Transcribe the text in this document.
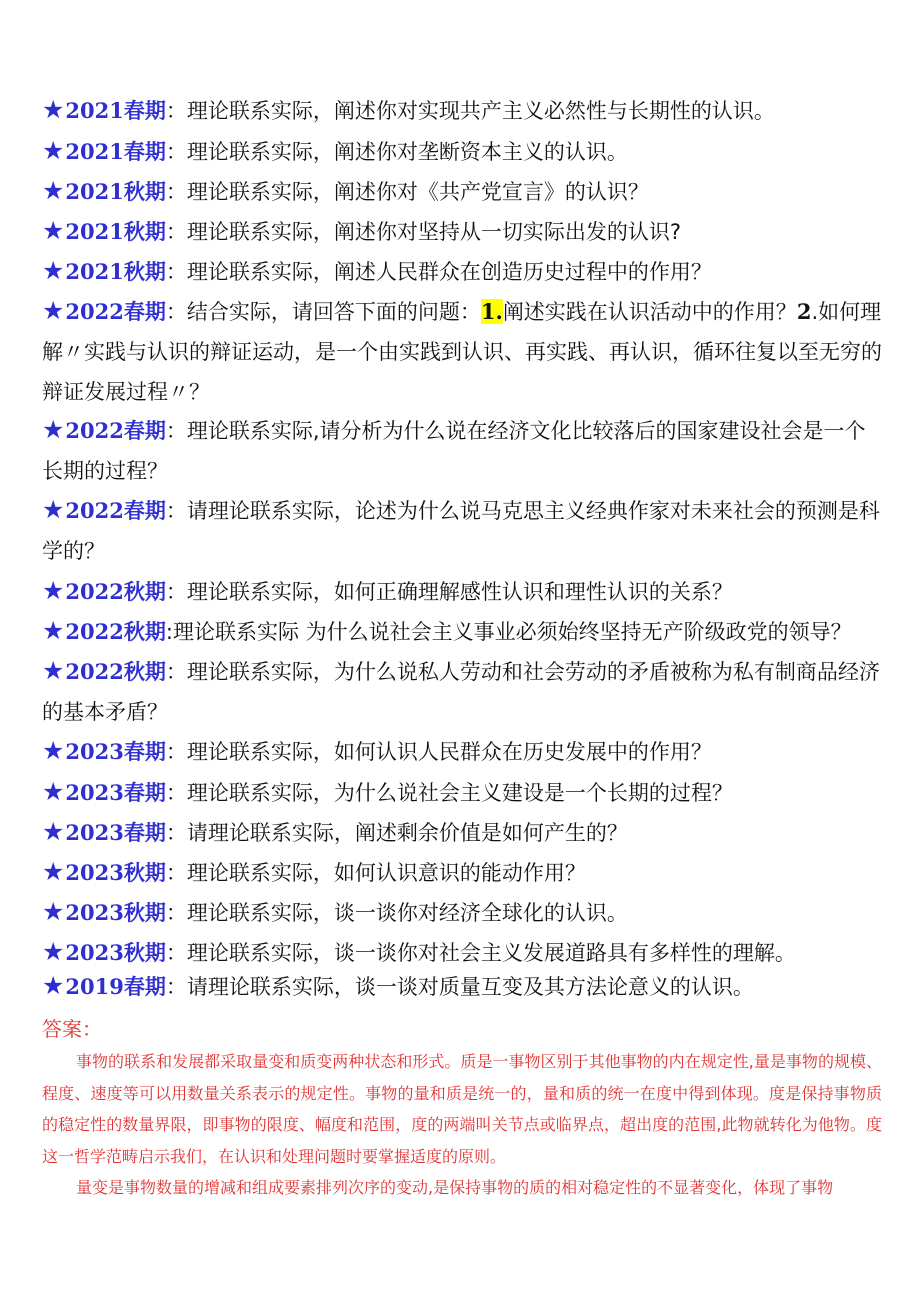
★2021春期：理论联系实际，阐述你对实现共产主义必然性与长期性的认识。
★2021春期：理论联系实际，阐述你对垄断资本主义的认识。
★2021秋期：理论联系实际，阐述你对《共产党宣言》的认识？
★2021秋期：理论联系实际，阐述你对坚持从一切实际出发的认识?
★2021秋期：理论联系实际，阐述人民群众在创造历史过程中的作用？
★2022春期：结合实际，请回答下面的问题：1.阐述实践在认识活动中的作用？2.如何理解〃实践与认识的辩证运动，是一个由实践到认识、再实践、再认识，循环往复以至无穷的辩证发展过程〃？
★2022春期：理论联系实际,请分析为什么说在经济文化比较落后的国家建设社会是一个长期的过程？
★2022春期：请理论联系实际，论述为什么说马克思主义经典作家对未来社会的预测是科学的？
★2022秋期：理论联系实际，如何正确理解感性认识和理性认识的关系？
★2022秋期:理论联系实际 为什么说社会主义事业必须始终坚持无产阶级政党的领导？
★2022秋期：理论联系实际，为什么说私人劳动和社会劳动的矛盾被称为私有制商品经济的基本矛盾？
★2023春期：理论联系实际，如何认识人民群众在历史发展中的作用？
★2023春期：理论联系实际，为什么说社会主义建设是一个长期的过程？
★2023春期：请理论联系实际，阐述剩余价值是如何产生的？
★2023秋期：理论联系实际，如何认识意识的能动作用？
★2023秋期：理论联系实际，谈一谈你对经济全球化的认识。
★2023秋期：理论联系实际，谈一谈你对社会主义发展道路具有多样性的理解。
★2019春期：请理论联系实际，谈一谈对质量互变及其方法论意义的认识。
答案：
事物的联系和发展都采取量变和质变两种状态和形式。质是一事物区别于其他事物的内在规定性,量是事物的规模、程度、速度等可以用数量关系表示的规定性。事物的量和质是统一的，量和质的统一在度中得到体现。度是保持事物质的稳定性的数量界限，即事物的限度、幅度和范围，度的两端叫关节点或临界点，超出度的范围,此物就转化为他物。度这一哲学范畴启示我们，在认识和处理问题时要掌握适度的原则。
量变是事物数量的增减和组成要素排列次序的变动,是保持事物的质的相对稳定性的不显著变化，体现了事物
